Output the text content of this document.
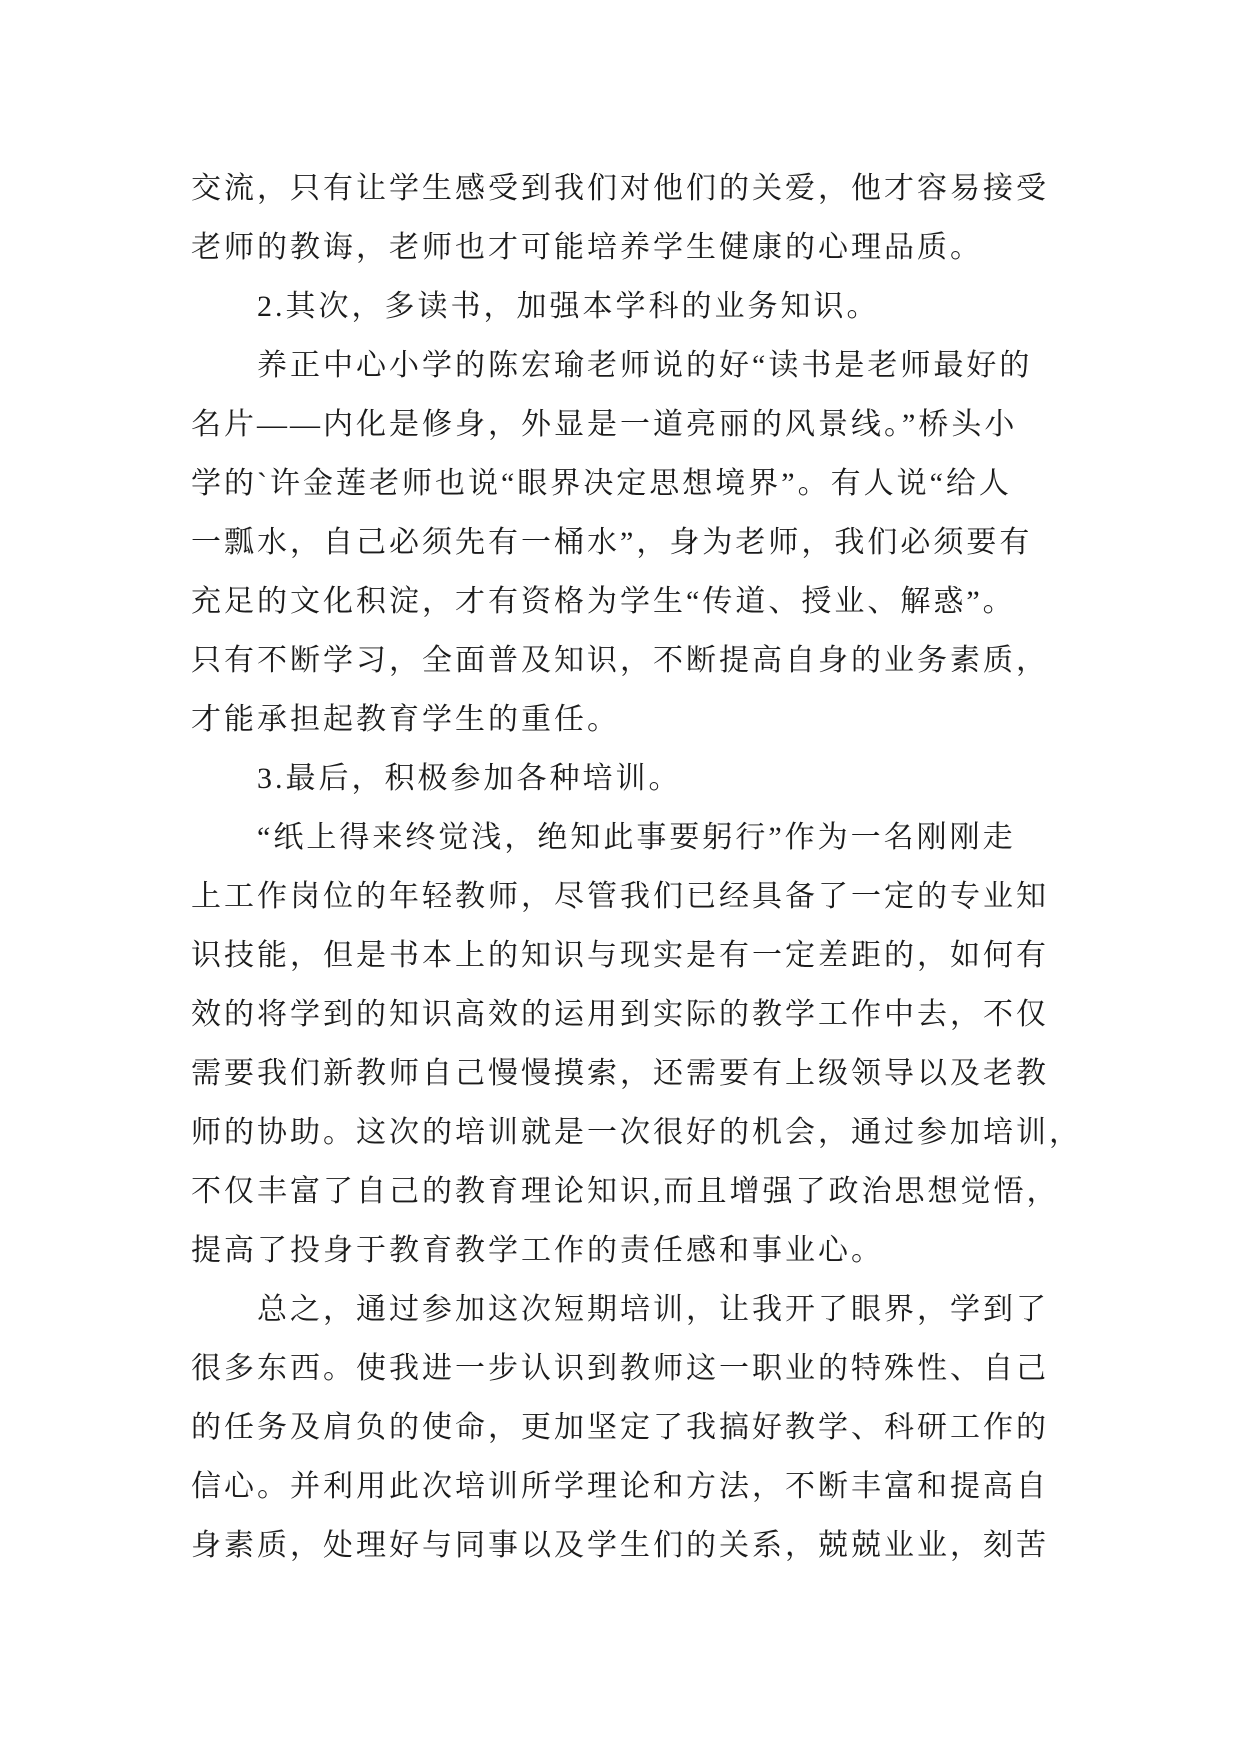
交流，只有让学生感受到我们对他们的关爱，他才容易接受
老师的教诲，老师也才可能培养学生健康的心理品质。
2.其次，多读书，加强本学科的业务知识。
养正中心小学的陈宏瑜老师说的好“读书是老师最好的
名片——内化是修身，外显是一道亮丽的风景线。”桥头小
学的`许金莲老师也说“眼界决定思想境界”。有人说“给人
一瓢水，自己必须先有一桶水”，身为老师，我们必须要有
充足的文化积淀，才有资格为学生“传道、授业、解惑”。
只有不断学习，全面普及知识，不断提高自身的业务素质，
才能承担起教育学生的重任。
3.最后，积极参加各种培训。
“纸上得来终觉浅，绝知此事要躬行”作为一名刚刚走
上工作岗位的年轻教师，尽管我们已经具备了一定的专业知
识技能，但是书本上的知识与现实是有一定差距的，如何有
效的将学到的知识高效的运用到实际的教学工作中去，不仅
需要我们新教师自己慢慢摸索，还需要有上级领导以及老教
师的协助。这次的培训就是一次很好的机会，通过参加培训，
不仅丰富了自己的教育理论知识,而且增强了政治思想觉悟，
提高了投身于教育教学工作的责任感和事业心。
总之，通过参加这次短期培训，让我开了眼界，学到了
很多东西。使我进一步认识到教师这一职业的特殊性、自己
的任务及肩负的使命，更加坚定了我搞好教学、科研工作的
信心。并利用此次培训所学理论和方法，不断丰富和提高自
身素质，处理好与同事以及学生们的关系，兢兢业业，刻苦
